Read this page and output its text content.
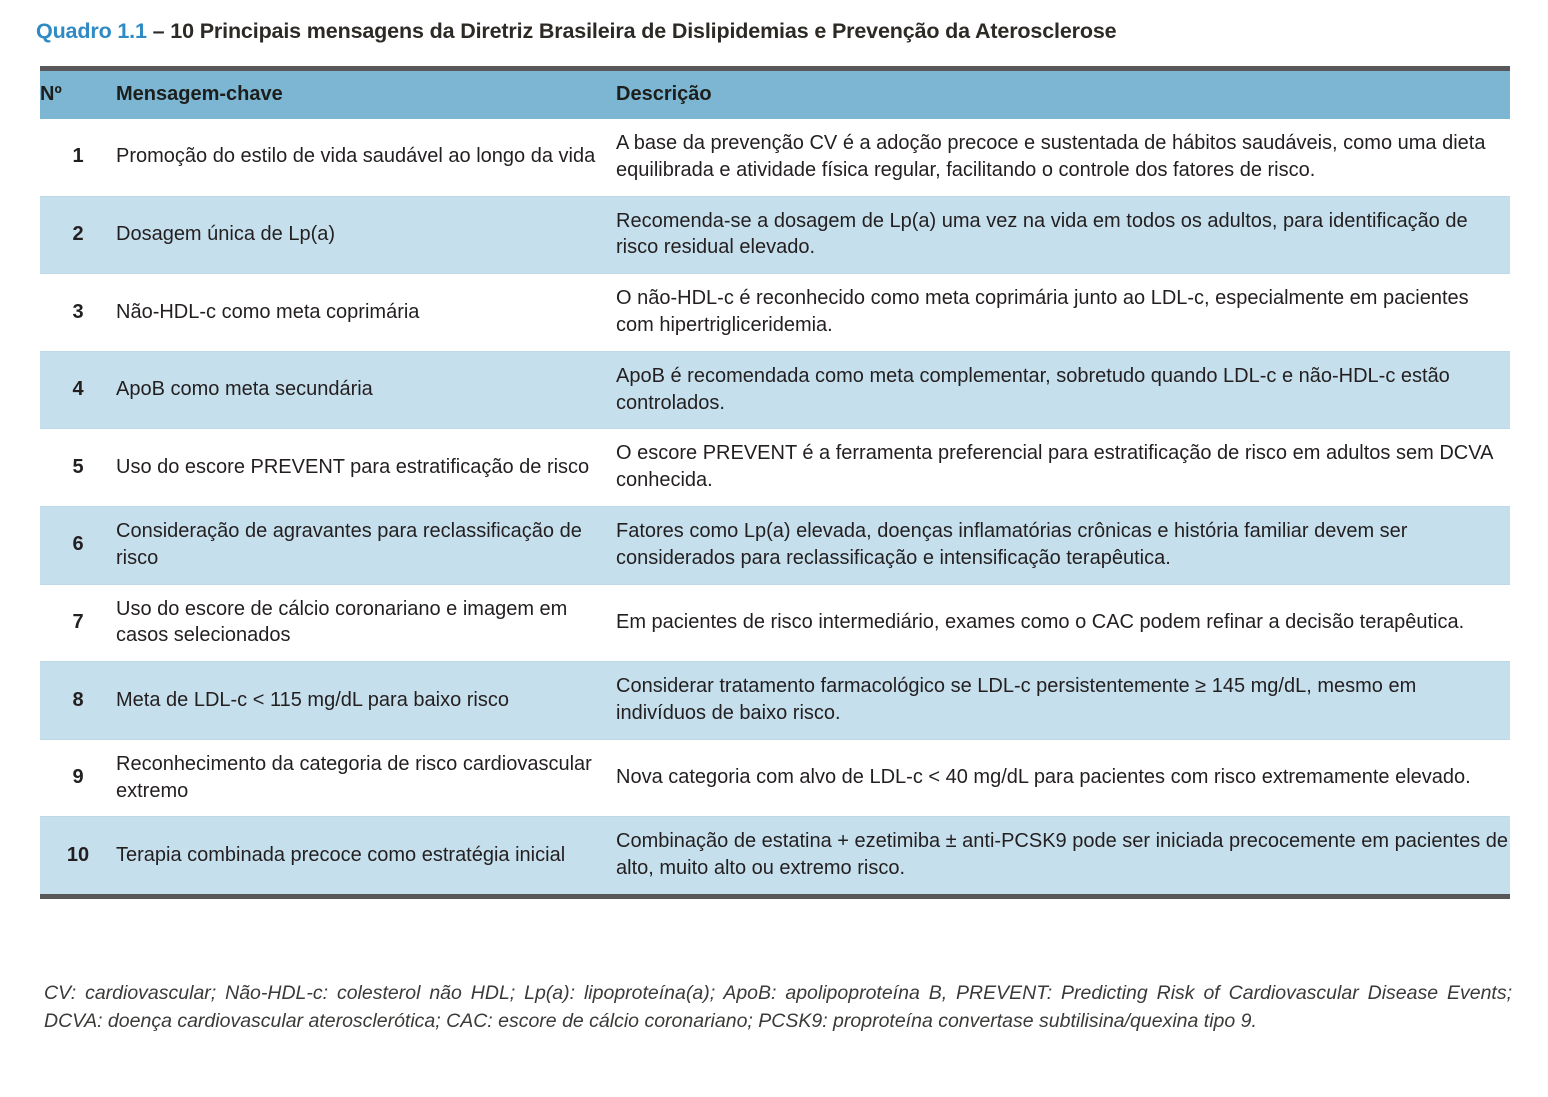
Quadro 1.1 – 10 Principais mensagens da Diretriz Brasileira de Dislipidemias e Prevenção da Aterosclerose

Nº	Mensagem-chave	Descrição
1	Promoção do estilo de vida saudável ao longo da vida	A base da prevenção CV é a adoção precoce e sustentada de hábitos saudáveis, como uma dieta equilibrada e atividade física regular, facilitando o controle dos fatores de risco.
2	Dosagem única de Lp(a)	Recomenda-se a dosagem de Lp(a) uma vez na vida em todos os adultos, para identificação de risco residual elevado.
3	Não-HDL-c como meta coprimária	O não-HDL-c é reconhecido como meta coprimária junto ao LDL-c, especialmente em pacientes com hipertrigliceridemia.
4	ApoB como meta secundária	ApoB é recomendada como meta complementar, sobretudo quando LDL-c e não-HDL-c estão controlados.
5	Uso do escore PREVENT para estratificação de risco	O escore PREVENT é a ferramenta preferencial para estratificação de risco em adultos sem DCVA conhecida.
6	Consideração de agravantes para reclassificação de risco	Fatores como Lp(a) elevada, doenças inflamatórias crônicas e história familiar devem ser considerados para reclassificação e intensificação terapêutica.
7	Uso do escore de cálcio coronariano e imagem em casos selecionados	Em pacientes de risco intermediário, exames como o CAC podem refinar a decisão terapêutica.
8	Meta de LDL-c < 115 mg/dL para baixo risco	Considerar tratamento farmacológico se LDL-c persistentemente ≥ 145 mg/dL, mesmo em indivíduos de baixo risco.
9	Reconhecimento da categoria de risco cardiovascular extremo	Nova categoria com alvo de LDL-c < 40 mg/dL para pacientes com risco extremamente elevado.
10	Terapia combinada precoce como estratégia inicial	Combinação de estatina + ezetimiba ± anti-PCSK9 pode ser iniciada precocemente em pacientes de alto, muito alto ou extremo risco.

CV: cardiovascular; Não-HDL-c: colesterol não HDL; Lp(a): lipoproteína(a); ApoB: apolipoproteína B, PREVENT: Predicting Risk of Cardiovascular Disease Events; DCVA: doença cardiovascular aterosclerótica; CAC: escore de cálcio coronariano; PCSK9: proproteína convertase subtilisina/quexina tipo 9.
